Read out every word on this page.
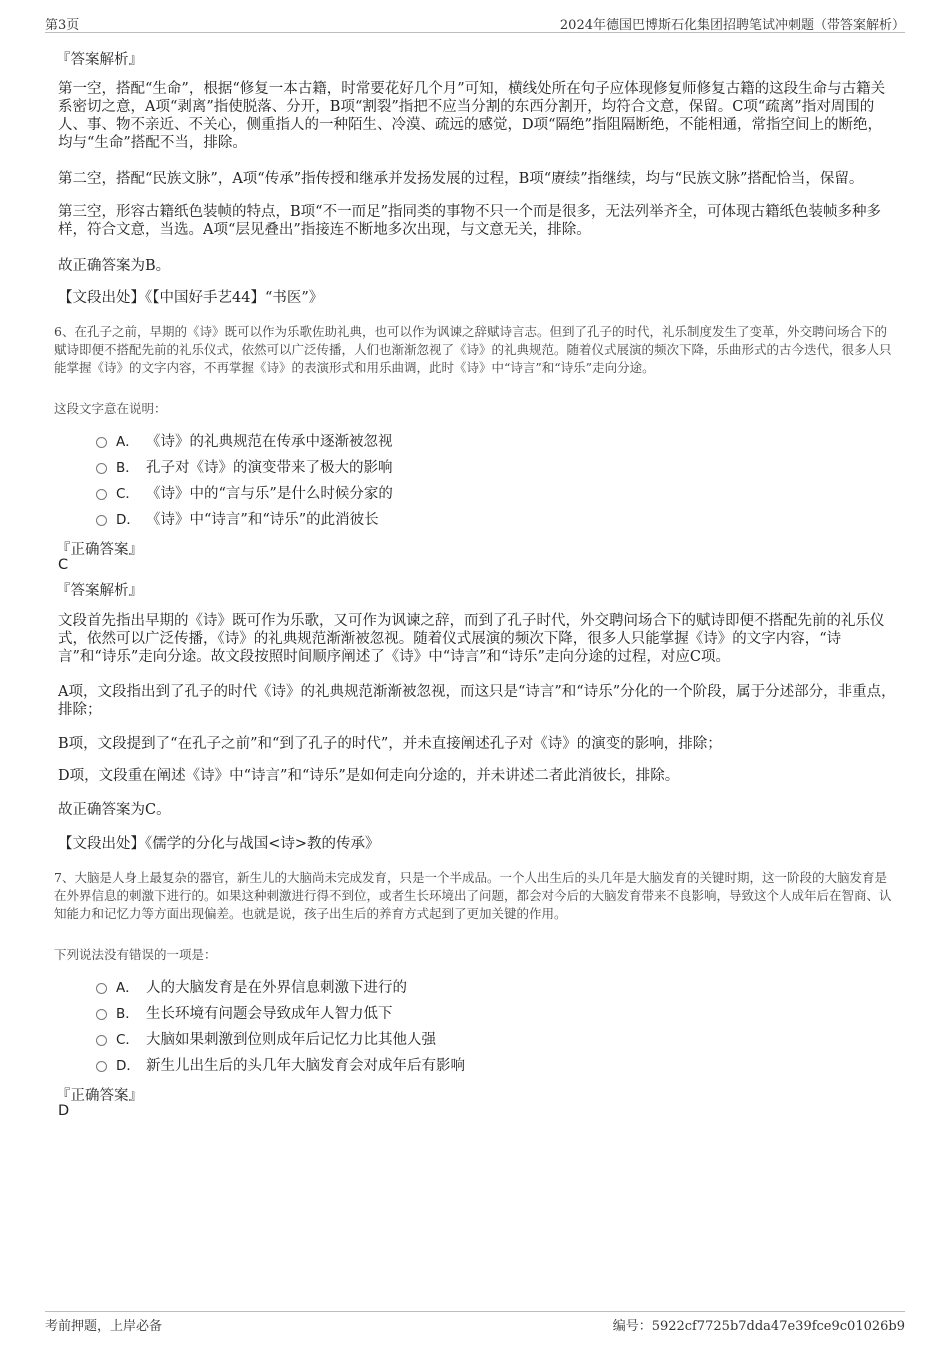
第3页	2024年德国巴博斯石化集团招聘笔试冲刺题（带答案解析）
『答案解析』

第一空，搭配“生命”，根据“修复一本古籍，时常要花好几个月”可知，横线处所在句子应体现修复师修复古籍的这段生命与古籍关系密切之意，A项“剥离”指使脱落、分开，B项“割裂”指把不应当分割的东西分割开，均符合文意，保留。C项“疏离”指对周围的人、事、物不亲近、不关心，侧重指人的一种陌生、冷漠、疏远的感觉，D项“隔绝”指阻隔断绝，不能相通，常指空间上的断绝，均与“生命”搭配不当，排除。

第二空，搭配“民族文脉”，A项“传承”指传授和继承并发扬发展的过程，B项“赓续”指继续，均与“民族文脉”搭配恰当，保留。

第三空，形容古籍纸色装帧的特点，B项“不一而足”指同类的事物不只一个而是很多，无法列举齐全，可体现古籍纸色装帧多种多样，符合文意，当选。A项“层见叠出”指接连不断地多次出现，与文意无关，排除。

故正确答案为B。

【文段出处】《【中国好手艺44】“书医”》

6、在孔子之前，早期的《诗》既可以作为乐歌佐助礼典，也可以作为讽谏之辞赋诗言志。但到了孔子的时代，礼乐制度发生了变革，外交聘问场合下的赋诗即便不搭配先前的礼乐仪式，依然可以广泛传播，人们也渐渐忽视了《诗》的礼典规范。随着仪式展演的频次下降，乐曲形式的古今迭代，很多人只能掌握《诗》的文字内容，不再掌握《诗》的表演形式和用乐曲调，此时《诗》中“诗言”和“诗乐”走向分途。

这段文字意在说明：
A． 《诗》的礼典规范在传承中逐渐被忽视
B． 孔子对《诗》的演变带来了极大的影响
C． 《诗》中的“言与乐”是什么时候分家的
D． 《诗》中“诗言”和“诗乐”的此消彼长
『正确答案』
C
『答案解析』

文段首先指出早期的《诗》既可作为乐歌，又可作为讽谏之辞，而到了孔子时代，外交聘问场合下的赋诗即便不搭配先前的礼乐仪式，依然可以广泛传播，《诗》的礼典规范渐渐被忽视。随着仪式展演的频次下降，很多人只能掌握《诗》的文字内容，“诗言”和“诗乐”走向分途。故文段按照时间顺序阐述了《诗》中“诗言”和“诗乐”走向分途的过程，对应C项。

A项，文段指出到了孔子的时代《诗》的礼典规范渐渐被忽视，而这只是“诗言”和“诗乐”分化的一个阶段，属于分述部分，非重点，排除；

B项，文段提到了“在孔子之前”和“到了孔子的时代”，并未直接阐述孔子对《诗》的演变的影响，排除；

D项，文段重在阐述《诗》中“诗言”和“诗乐”是如何走向分途的，并未讲述二者此消彼长，排除。

故正确答案为C。

【文段出处】《儒学的分化与战国<诗>教的传承》

7、大脑是人身上最复杂的器官，新生儿的大脑尚未完成发育，只是一个半成品。一个人出生后的头几年是大脑发育的关键时期，这一阶段的大脑发育是在外界信息的刺激下进行的。如果这种刺激进行得不到位，或者生长环境出了问题，都会对今后的大脑发育带来不良影响，导致这个人成年后在智商、认知能力和记忆力等方面出现偏差。也就是说，孩子出生后的养育方式起到了更加关键的作用。

下列说法没有错误的一项是：
A． 人的大脑发育是在外界信息刺激下进行的
B． 生长环境有问题会导致成年人智力低下
C． 大脑如果刺激到位则成年后记忆力比其他人强
D． 新生儿出生后的头几年大脑发育会对成年后有影响
『正确答案』
D
考前押题，上岸必备	编号：5922cf7725b7dda47e39fce9c01026b9
